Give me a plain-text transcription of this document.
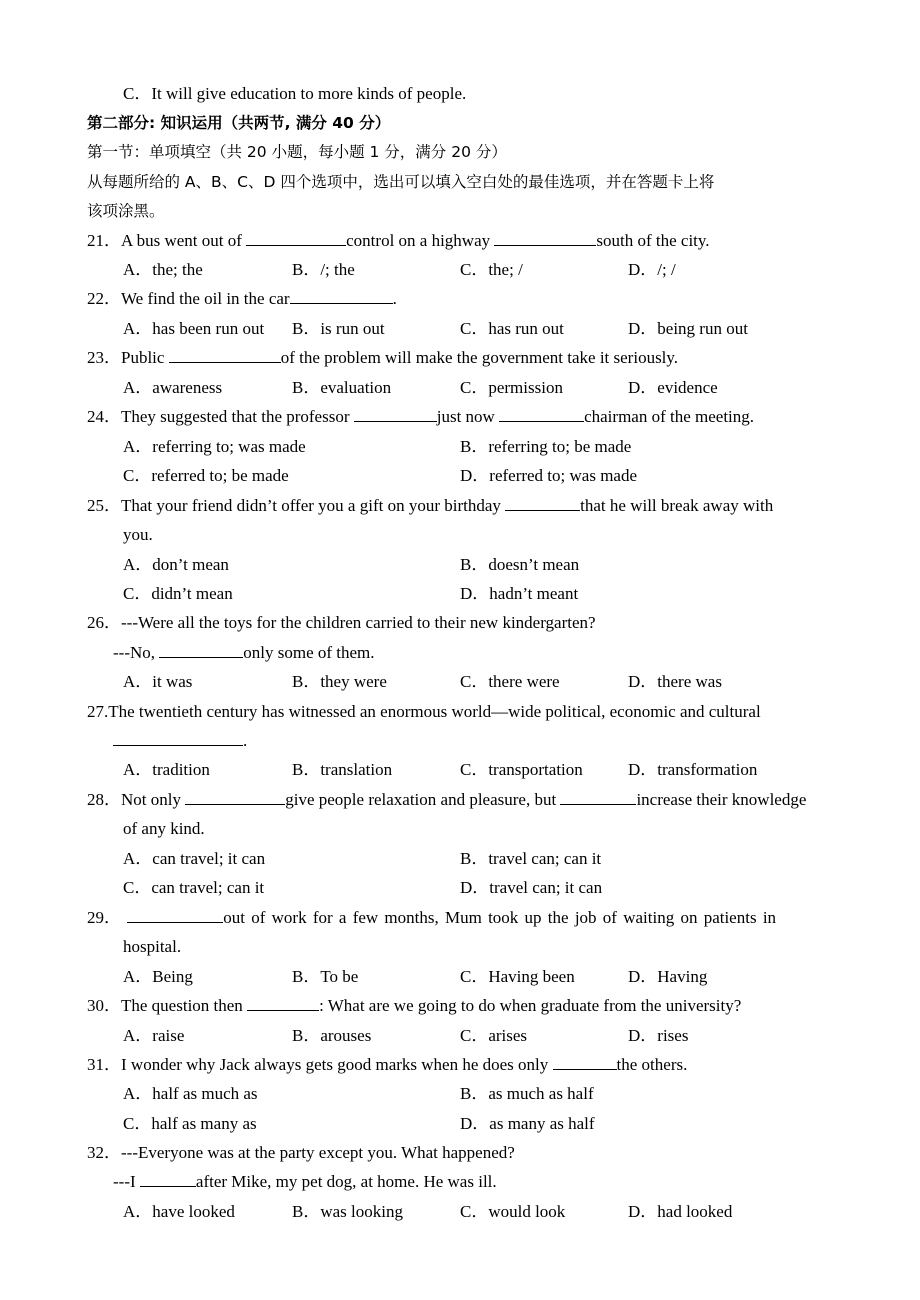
C．It will give education to more kinds of people.
第二部分: 知识运用（共两节, 满分 40 分）
第一节：单项填空（共 20 小题，每小题 1 分，满分 20 分）
从每题所给的 A、B、C、D 四个选项中，选出可以填入空白处的最佳选项，并在答题卡上将
该项涂黑。
21．A bus went out of	control on a highway	south of the city.
A．the; the	B．/; the	C．the; /	D．/; /
22．We find the oil in the car	.
A．has been run out B．is run out	C．has run out	D．being run out
23．Public	of the problem will make the government take it seriously.
A．awareness	B．evaluation	C．permission	D．evidence
24．They suggested that the professor	just now	chairman of the meeting.
A．referring to; was made	B．referring to; be made
C．referred to; be made	D．referred to; was made
25．That your friend didn’t offer you a gift on your birthday	that he will break away with
you.
A．don’t mean	B．doesn’t mean
C．didn’t mean	D．hadn’t meant
26．---Were all the toys for the children carried to their new kindergarten?
---No,	only some of them.
A．it was	B．they were	C．there were	D．there was
27.The twentieth century has witnessed an enormous world—wide political, economic and cultural
.
A．tradition	B．translation	C．transportation	D．transformation
28．Not only	give people relaxation and pleasure, but	increase their knowledge
of any kind.
A．can travel; it can	B．travel can; can it
C．can travel; can it	D．travel can; it can
29．	out of work for a few months, Mum took up the job of waiting on patients in
hospital.
A．Being	B．To be	C．Having been	D．Having
30．The question then	: What are we going to do when graduate from the university?
A．raise	B．arouses	C．arises	D．rises
31．I wonder why Jack always gets good marks when he does only	the others.
A．half as much as	B．as much as half
C．half as many as	D．as many as half
32．---Everyone was at the party except you. What happened?
---I	after Mike, my pet dog, at home. He was ill.
A．have looked	B．was looking	C．would look	D．had looked
